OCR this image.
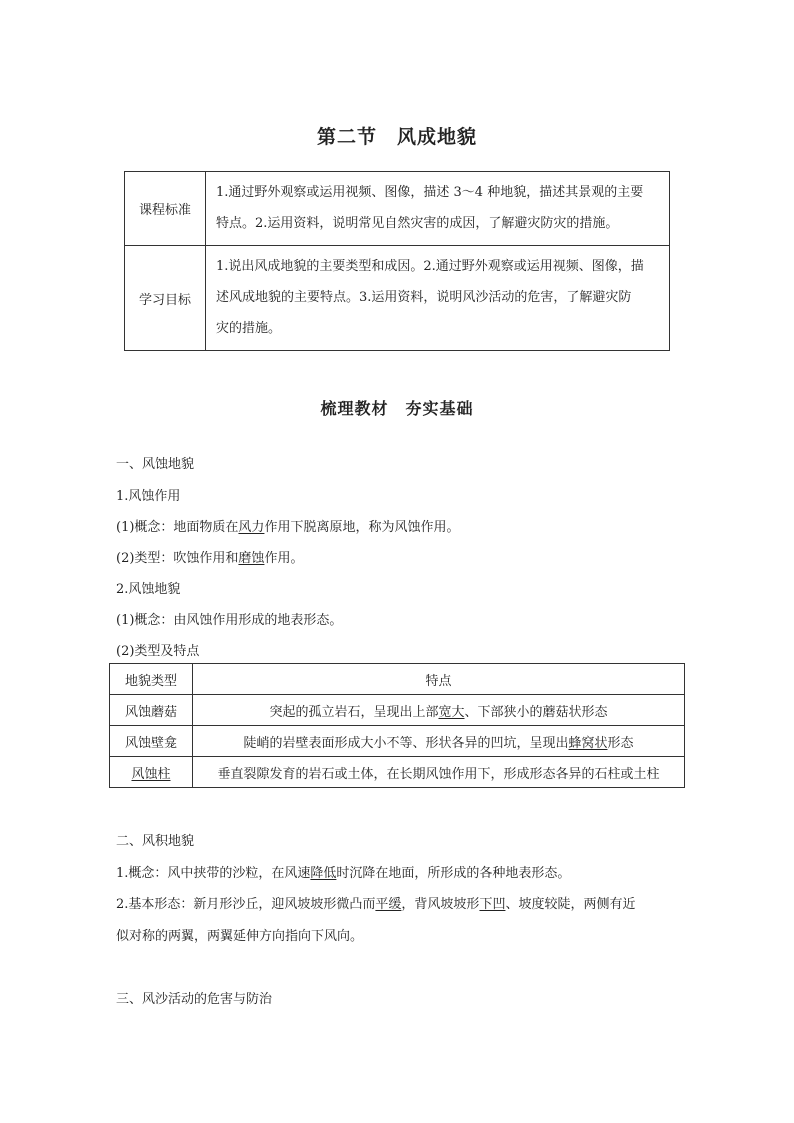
第二节　风成地貌
课程标准	1.通过野外观察或运用视频、图像，描述 3～4 种地貌，描述其景观的主要
特点。2.运用资料，说明常见自然灾害的成因，了解避灾防灾的措施。

学习目标	1.说出风成地貌的主要类型和成因。2.通过野外观察或运用视频、图像，描
述风成地貌的主要特点。3.运用资料，说明风沙活动的危害，了解避灾防
灾的措施。
梳理教材　夯实基础
一、风蚀地貌
1.风蚀作用
(1)概念：地面物质在风力作用下脱离原地，称为风蚀作用。
(2)类型：吹蚀作用和磨蚀作用。
2.风蚀地貌
(1)概念：由风蚀作用形成的地表形态。
(2)类型及特点
地貌类型	特点
风蚀蘑菇	突起的孤立岩石，呈现出上部宽大、下部狭小的蘑菇状形态
风蚀壁龛	陡峭的岩壁表面形成大小不等、形状各异的凹坑，呈现出蜂窝状形态
风蚀柱	垂直裂隙发育的岩石或土体，在长期风蚀作用下，形成形态各异的石柱或土柱
二、风积地貌
1.概念：风中挟带的沙粒，在风速降低时沉降在地面，所形成的各种地表形态。
2.基本形态：新月形沙丘，迎风坡坡形微凸而平缓，背风坡坡形下凹、坡度较陡，两侧有近
似对称的两翼，两翼延伸方向指向下风向。
三、风沙活动的危害与防治
